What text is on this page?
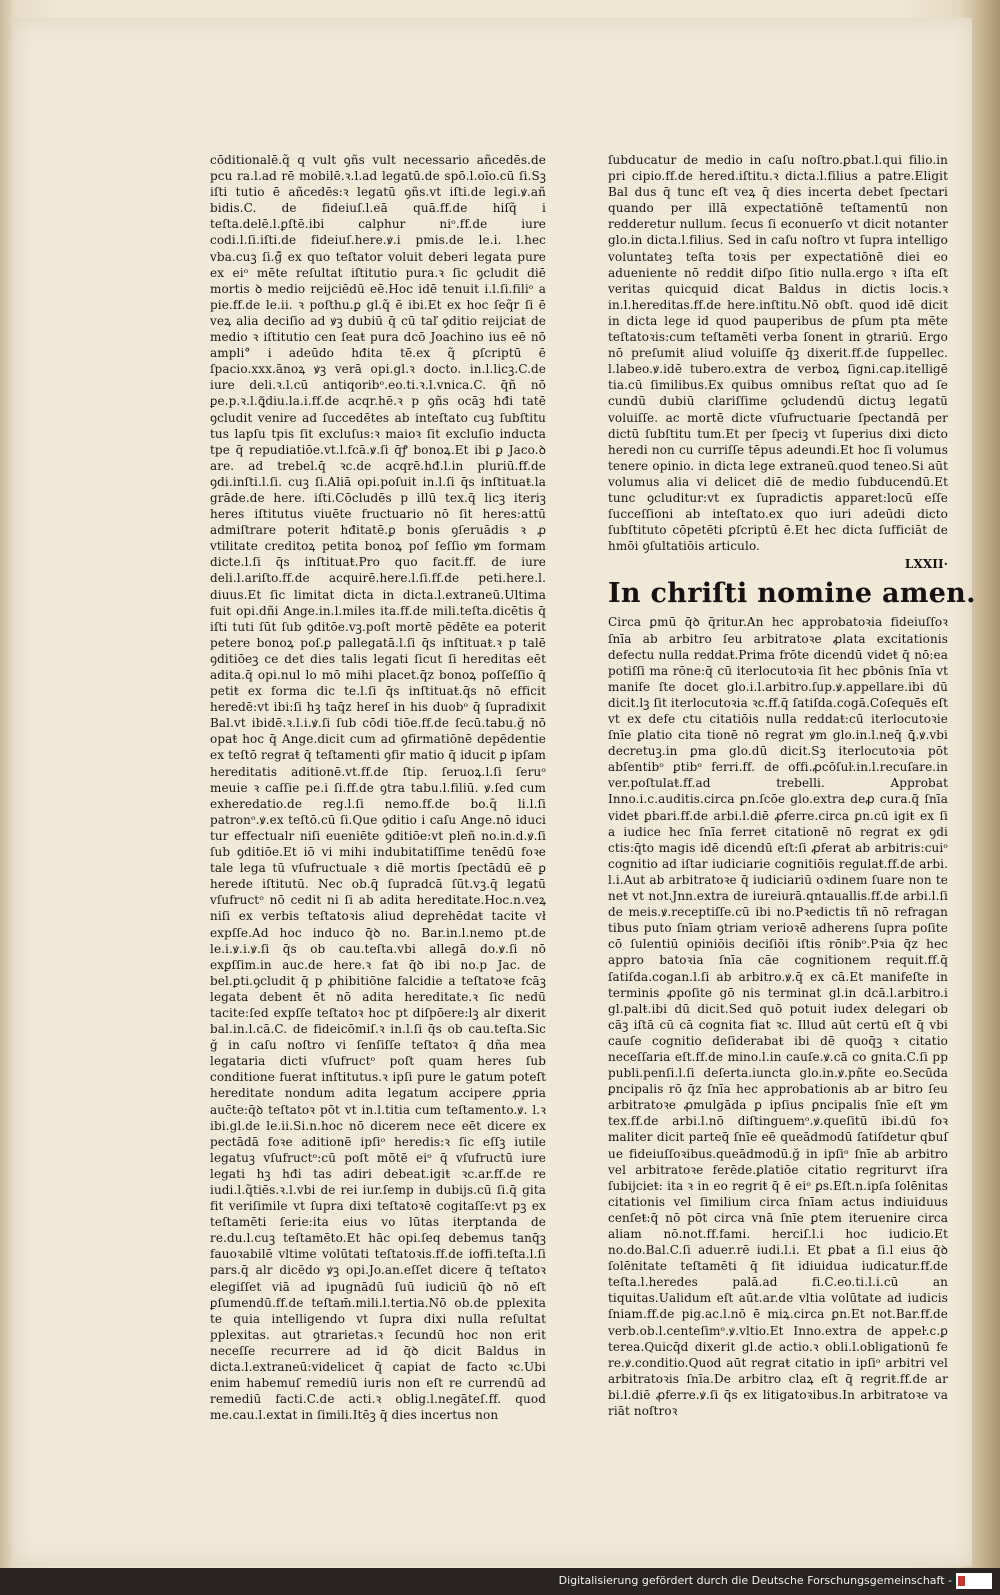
cōditionalē.q̃ q vult ꝯñs vult necessario añcedēs.de pcu ra.l.ad rē mobilē.ꝛ.l.ad legatū.de spō.l.oīo.cū ſi.Sꝫ iſti tutio ē añcedēs:ꝛ legatū ꝯñs.vt iſti.de legi.ꝟ.añ bidis.C. de fideiuſ.l.eā quā.ff.de hiſq̃ i teſta.delē.l.ꝑſtē.ibi calphur niᵒ.ff.de iure codi.l.ſi.iſti.de fideiuſ.here.ꝟ.i pmis.de le.i. l.hec vba.cuꝫ ſi.ğ̃ ex quo teſtator voluit deberi legata pure ex eiᵒ mēte reſultat iſtitutio pura.ꝛ ſic ꝯcludit diē mortis ꝺ medio reijciēdū eē.Hoc idē tenuit i.l.ſi.filiᵒ a pie.ff.de le.ii. ꝛ poſthu.ꝑ gl.q̃ ē ibi.Et ex hoc ſeq̃r ſi ē veꝝ alia deciſio ad ꝟꝫ dubiū q̄ cū taľ ꝯditio reijciaŧ de medio ꝛ iſtitutio cen ſeaŧ pura dcō Joachino ius eē nō ampli° i adeūdo hđita tē.ex q̃ ꝑſcriptū ē ſpacio.xxx.ānoꝝ ꝟꝫ verā opi.gl.ꝛ docto. in.l.licꝫ.C.de iure deli.ꝛ.l.cū antiqoribᵒ.eo.ti.ꝛ.l.vnica.C. q̄ñ nō ꝑe.p.ꝛ.l.ꝗ̃diu.la.i.ff.de acqr.hē.ꝛ p ꝯñs ocāꝫ hđi tatē ꝯcludit venire ad ſuccedētes ab inteſtato cuꝫ ſubſtitu tus lapſu tpis ſit excluſus:ꝛ maioꝛ ſit excluſio inducta tpe q̄ repudiatiōe.vt.l.fcā.ꝟ.ſi q̄ꝭ bonoꝝ.Et ibi ꝑ Jaco.ꝺ are. ad trebel.q̄ ꝛc.de acqrē.hđ.l.in pluriū.ff.de ꝯdi.inſti.l.ſi. cuꝫ ſi.Aliā opi.poſuit in.l.ſi q̄s inſtituaŧ.la grāde.de here. iſti.Cōcludēs p illū tex.q̄ licꝫ iteriꝫ heres iſtitutus viuēte fructuario nō ſit heres:attū admiſtrare poterit hđitatē.ꝑ bonis ꝯſeruādis ꝛ ꝓ vtilitate creditoꝝ petita bonoꝝ poſ ſeſſio ꝟm formam dicte.l.ſi q̄s inſtituaŧ.Pro quo facit.ff. de iure deli.l.ariſto.ff.de acquirē.here.l.ſi.ff.de peti.here.l. diuus.Et ſic limitat dicta in dicta.l.extraneū.Ultima fuit opi.dñi Ange.in.l.miles ita.ff.de mili.teſta.dicētis q̄ iſti tuti ſūt ſub ꝯditōe.vꝫ.poſt mortē pēdēte ea poterit petere bonoꝝ poſ.ꝑ pallegatā.l.ſi q̄s inſtituaŧ.ꝛ p talē ꝯditiōeꝫ ce det dies talis legati ſicut ſi hereditas eēt adita.q̄ opi.nul lo mō mihi placet.q̄z bonoꝝ poſſeſſio q̄ petiŧ ex forma dic te.l.ſi q̄s inſtituaŧ.q̄s nō efficit heredē:vt ibi:ſi hꝫ taq̄z hereſ in his duobᵒ q̄ ſupradixit Bal.vt ibidē.ꝛ.l.i.ꝟ.ſi ſub cōdi tiōe.ff.de ſecū.tabu.ğ nō opaŧ hoc q̄ Ange.dicit cum ad ꝯfirmatiōnē depēdentie ex teſtō regraŧ q̄ teſtamenti ꝯfir matio q̄ iducit ꝑ ipſam hereditatis aditionē.vt.ff.de ſtip. ſeruoꝝ.l.ſi ſeruᵒ meuie ꝛ caſſie pe.i ſi.ff.de ꝯtra tabu.l.filiū. ꝟ.ſed cum exheredatio.de reg.l.ſi nemo.ff.de bo.q̃ li.l.ſi patronᵒ.ꝟ.ex teſtō.cū ſi.Que ꝯditio i caſu Ange.nō iduci tur effectualr niſi eueniēte ꝯditiōe:vt pleñ no.in.d.ꝟ.ſi ſub ꝯditiōe.Et iō vi mihi indubitatiſſime tenēdū foꝛe tale lega tū vſufructuale ꝛ diē mortis ſpectādū eē ꝑ herede iſtitutū. Nec ob.q̄ ſupradcā ſūt.vꝫ.q̄ legatū vſufructᵒ nō cedit ni ſi ab adita hereditate.Hoc.n.veꝝ niſi ex verbis teſtatoꝛis aliud deꝑrehēdaŧ tacite vł expſſe.Ad hoc induco q̄ꝺ no. Bar.in.l.nemo pt.de le.i.ꝟ.i.ꝟ.ſi q̄s ob cau.teſta.vbi allegā do.ꝟ.ſi nō exꝑſſim.in auc.de here.ꝛ faŧ q̄ꝺ ibi no.p Jac. de bel.ꝑti.ꝯcludit q̄ p ꝓhibitiōne falcidie a teſtatoꝛe fcāꝫ legata debenŧ ēt nō adita hereditate.ꝛ ſic nedū tacite:ſed expſſe teſtatoꝛ hoc pt diſpōere:lꝫ alr dixerit bal.in.l.cā.C. de fideicōmiſ.ꝛ in.l.ſi q̄s ob cau.teſta.Sic ğ in caſu noſtro vi ſenſiſſe teſtatoꝛ q̄ dña mea legataria dicti vſufructᵒ poſt quam heres ſub conditione fuerat inſtitutus.ꝛ ipſi pure le gatum poteſt hereditate nondum adita legatum accipere ꝓpria auc̄te:q̄ꝺ teſtatoꝛ pōt vt in.l.titia cum teſtamento.ꝟ. l.ꝛ ibi.gl.de le.ii.Si.n.hoc nō dicerem nece eēt dicere ex pectādā foꝛe aditionē ipſiᵒ heredis:ꝛ ſic eſſꝫ iutile legatuꝫ vſufructᵒ:cū poſt mōtē eiᵒ q̄ vſufructū iure legati hꝫ hđi tas adiri debeat.igiŧ ꝛc.ar.ff.de re iudi.l.q̃tiēs.ꝛ.l.vbi de rei iur.ſemp in dubijs.cū ſi.q̄ gita fit veriſimile vt ſupra dixi teſtatoꝛē cogitaſſe:vt pꝫ ex teſtamēti ſerie:ita eius vo lūtas iterptanda de re.du.l.cuꝫ teſtamēto.Et hāc opi.ſeq debemus tanq̄ꝫ fauoꝛabilē vltime volūtati teſtatoꝛis.ff.de ioffi.teſta.l.ſi pars.q̄ alr dicēdo ꝟꝫ opi.Jo.an.eſſet dicere q̄ teſtatoꝛ elegiſſet viā ad ipugnādū ſuū iudiciū q̄ꝺ nō eſt ꝑſumendū.ff.de teſtam̄.mili.l.tertia.Nō ob.de pplexita te quia intelligendo vt ſupra dixi nulla reſultat pplexitas. aut ꝯtrarietas.ꝛ ſecundū hoc non erit neceſſe recurrere ad id q̄ꝺ dicit Baldus in dicta.l.extraneū:videlicet q̄ capiat de facto ꝛc.Ubi enim habemuſ remediū iuris non eſt re currendū ad remediū facti.C.de acti.ꝛ oblig.l.negāteſ.ff. quod me.cau.l.extat in ſimili.Itēꝫ q̄ dies incertus non

ſubducatur de medio in caſu noſtro.ꝑbat.l.qui filio.in pri cipio.ff.de hered.iſtitu.ꝛ dicta.l.filius a patre.Eligit Bal dus q̄ tunc eſt veꝝ q̄ dies incerta debet ſpectari quando per illā expectatiōnē teſtamentū non redderetur nullum. ſecus ſi econuerſo vt dicit notanter glo.in dicta.l.filius. Sed in caſu noſtro vt ſupra intelligo voluntateꝫ teſta toꝛis per expectatiōnē diei eo adueniente nō reddiŧ diſpo ſitio nulla.ergo ꝛ iſta eſt veritas quicquid dicat Baldus in dictis locis.ꝛ in.l.hereditas.ff.de here.inſtitu.Nō obſt. quod idē dicit in dicta lege id quod pauperibus de ꝑſum pta mēte teſtatoꝛis:cum teſtamēti verba ſonent in ꝯtrariū. Ergo nō preſumiŧ aliud voluiſſe q̄ꝫ dixerit.ff.de ſuppellec. l.labeo.ꝟ.idē tubero.extra de verboꝝ ſigni.cap.itelligē tia.cū ſimilibus.Ex quibus omnibus reſtat quo ad ſe cundū dubiū clariſſime ꝯcludendū dictuꝫ legatū voluiſſe. ac mortē dicte vſufructuarie ſpectandā per dictū ſubſtitu tum.Et per ſpeciꝫ vt ſuperius dixi dicto heredi non cu curriſſe tēpus adeundi.Et hoc ſi volumus tenere opinio. in dicta lege extraneū.quod teneo.Si aūt volumus alia vi delicet diē de medio ſubducendū.Et tunc ꝯcluditur:vt ex ſupradictis apparet:locū eſſe ſucceſſioni ab inteſtato.ex quo iuri adeūdi dicto ſubſtituto cōpetēti ꝑſcriptū ē.Et hec dicta ſufficiāt de hmōi ꝯſultatiōis articulo.

LXXII·
In chriſti nomine amen.

Circa ꝑmū q̄ꝺ q̄ritur.An hec approbatoꝛia fideiuſſoꝛ ſnīa ab arbitro ſeu arbitratoꝛe ꝓlata excitationis defectu nulla reddaŧ.Prima frōte dicendū videŧ q̄ nō:ea potiſſi ma rōne:q̄ cū iterlocutoꝛia ſit hec ꝑbōnis ſnīa vt manife ſte docet glo.i.l.arbitro.ſup.ꝟ.appellare.ibi dū dicit.lꝫ ſit iterlocutoꝛia ꝛc.ff.q̄ ſatiſda.cogā.Coſequēs eſt vt ex defe ctu citatiōis nulla reddaŧ:cū iterlocutoꝛie ſnīe ꝑlatio cita tionē nō regrat ꝟm glo.in.l.neq̄ ꝗ̄.ꝟ.vbi decretuꝫ.in ꝑma glo.dū dicit.Sꝫ iterlocutoꝛia pōt abſentibᵒ ꝑtibᵒ ferri.ff. de offi.ꝓcōſuŀ.in.l.recuſare.in ver.poſtulaŧ.ff.ad trebelli. Approbat Inno.i.c.auditis.circa ꝑn.ſcōe glo.extra deꝓ cura.q̄ ſnīa videŧ ꝑbari.ff.de arbi.l.diē ꝓferre.circa ꝑn.cū igiŧ ex ſi a iudice hec ſnīa ferreŧ citationē nō regrat ex ꝯdi ctis:q̄to magis idē dicendū eſt:ſi ꝓferaŧ ab arbitris:cuiᵒ cognitio ad iſtar iudiciarie cognitiōis regulaŧ.ff.de arbi. l.i.Aut ab arbitratoꝛe q̄ iudiciariū oꝛdinem ſuare non te neŧ vt not.Jnn.extra de iureiurā.qntauallis.ff.de arbi.l.ſi de meis.ꝟ.receptiſſe.cū ibi no.Pꝛedictis tñ nō refragan tibus puto ſnīam ꝯtriam verioꝛē adherens ſupra poſite cō ſulentiū opiniōis deciſiōi iſtis rōnibᵒ.Pꝛia q̄z hec appro batoꝛia ſnīa cāe cognitionem requit.ff.q̄ ſatiſda.cogan.l.ſi ab arbitro.ꝟ.q̄ ex cā.Et manifeſte in terminis ꝓpoſite gō nis terminat gl.in dcā.l.arbitro.i gl.palŧ.ibi dū dicit.Sed quō potuit iudex delegari ob cāꝫ iſtā cū cā cognita fiat ꝛc. Illud aūt certū eſt q̄ vbi cauſe cognitio deſiderabaŧ ibi dē quoq̄ꝫ ꝛ citatio neceſſaria eſt.ff.de mino.l.in cauſe.ꝟ.cā co gnita.C.ſi pp publi.penſi.l.ſi deſerta.iuncta glo.in.ꝟ.pñte eo.Secūda ꝑncipalis rō q̄z ſnīa hec approbationis ab ar bitro ſeu arbitratoꝛe ꝓmulgāda ꝑ ipſius ꝑncipalis ſnīe eſt ꝟm tex.ff.de arbi.l.nō diſtinguemᵒ.ꝟ.queſitū ibi.dū foꝛ maliter dicit parteq̄ ſnīe eē queādmodū ſatiſdetur qbuſ ue fideiuſſoꝛibus.queādmodū.ğ in ipſiᵒ ſnīe ab arbitro vel arbitratoꝛe ferēde.ꝑlatiōe citatio regriturvt iſra ſubijcieŧ: ita ꝛ in eo regriŧ q̄ ē eiᵒ ꝑs.Eſt.n.ipſa ſolēnitas citationis vel ſimilium circa ſnīam actus indiuiduus cenſeŧ:q̄ nō pōt circa vnā ſnīe ꝑtem iteruenire circa aliam nō.not.ff.fami. herciſ.l.i hoc iudicio.Et no.do.Bal.C.ſi aduer.rē iudi.l.i. Et ꝑbaŧ a ſi.l eius q̄ꝺ ſolēnitate teſtamēti q̄ ſiŧ idiuidua iudicatur.ff.de teſta.l.heredes palā.ad fi.C.eo.ti.l.i.cū an tiquitas.Ualidum eſt aūt.ar.de vltia volūtate ad iudicis ſniam.ff.de pig.ac.l.nō ē miꝝ.circa ꝑn.Et not.Bar.ff.de verb.ob.l.centeſimᵒ.ꝟ.vltio.Et Inno.extra de appeŀ.c.ꝑ terea.Quicq̄d dixerit gl.de actio.ꝛ obli.l.obligationū fe re.ꝟ.conditio.Quod aūt regraŧ citatio in ipſiᵒ arbitri vel arbitratoꝛis ſnīa.De arbitro claꝝ eſt q̄ regriŧ.ff.de ar bi.l.diē ꝓferre.ꝟ.ſi q̄s ex litigatoꝛibus.In arbitratoꝛe va riāt noſtroꝛ

Digitalisierung gefördert durch die Deutsche Forschungsgemeinschaft -
